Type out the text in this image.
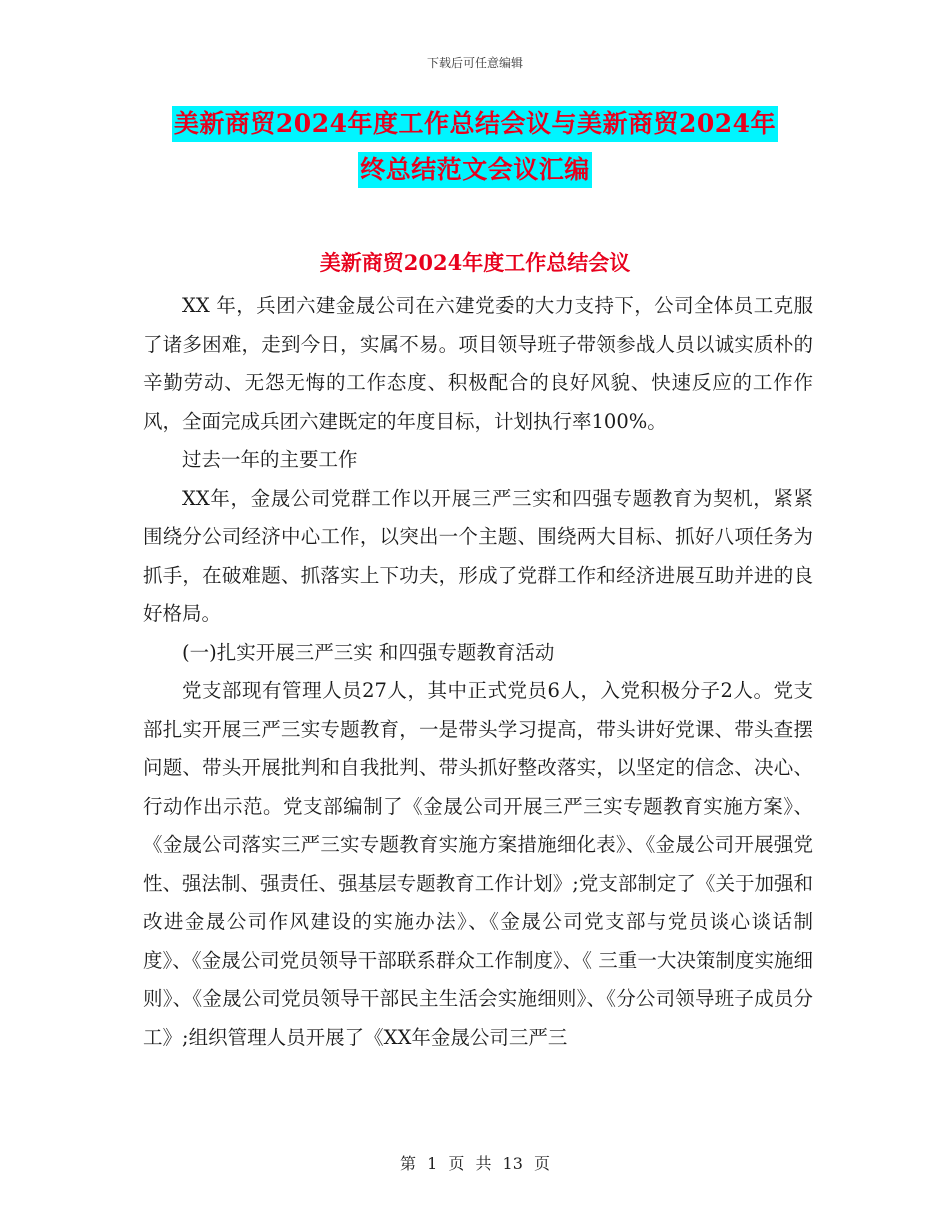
下载后可任意编辑
美新商贸2024年度工作总结会议与美新商贸2024年
终总结范文会议汇编
美新商贸2024年度工作总结会议

XX 年，兵团六建金晟公司在六建党委的大力支持下，公司全体员工克服了诸多困难，走到今日，实属不易。项目领导班子带领参战人员以诚实质朴的辛勤劳动、无怨无悔的工作态度、积极配合的良好风貌、快速反应的工作作风，全面完成兵团六建既定的年度目标，计划执行率100%。

过去一年的主要工作

XX年，金晟公司党群工作以开展三严三实和四强专题教育为契机，紧紧围绕分公司经济中心工作，以突出一个主题、围绕两大目标、抓好八项任务为抓手，在破难题、抓落实上下功夫，形成了党群工作和经济进展互助并进的良好格局。

(一)扎实开展三严三实 和四强专题教育活动

党支部现有管理人员27人，其中正式党员6人，入党积极分子2人。党支部扎实开展三严三实专题教育，一是带头学习提高，带头讲好党课、带头查摆问题、带头开展批判和自我批判、带头抓好整改落实，以坚定的信念、决心、行动作出示范。党支部编制了《金晟公司开展三严三实专题教育实施方案》、《金晟公司落实三严三实专题教育实施方案措施细化表》、《金晟公司开展强党性、强法制、强责任、强基层专题教育工作计划》;党支部制定了《关于加强和改进金晟公司作风建设的实施办法》、《金晟公司党支部与党员谈心谈话制度》、《金晟公司党员领导干部联系群众工作制度》、《 三重一大决策制度实施细则》、《金晟公司党员领导干部民主生活会实施细则》、《分公司领导班子成员分工》;组织管理人员开展了《XX年金晟公司三严三

第 1 页 共 13 页
